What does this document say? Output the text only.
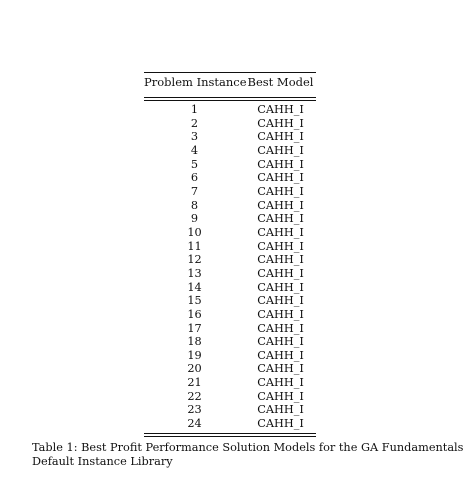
Problem Instance	Best Model
1	CAHH_I
2	CAHH_I
3	CAHH_I
4	CAHH_I
5	CAHH_I
6	CAHH_I
7	CAHH_I
8	CAHH_I
9	CAHH_I
10	CAHH_I
11	CAHH_I
12	CAHH_I
13	CAHH_I
14	CAHH_I
15	CAHH_I
16	CAHH_I
17	CAHH_I
18	CAHH_I
19	CAHH_I
20	CAHH_I
21	CAHH_I
22	CAHH_I
23	CAHH_I
24	CAHH_I
Table 1: Best Profit Performance Solution Models for the GA Fundamentals
Default Instance Library
